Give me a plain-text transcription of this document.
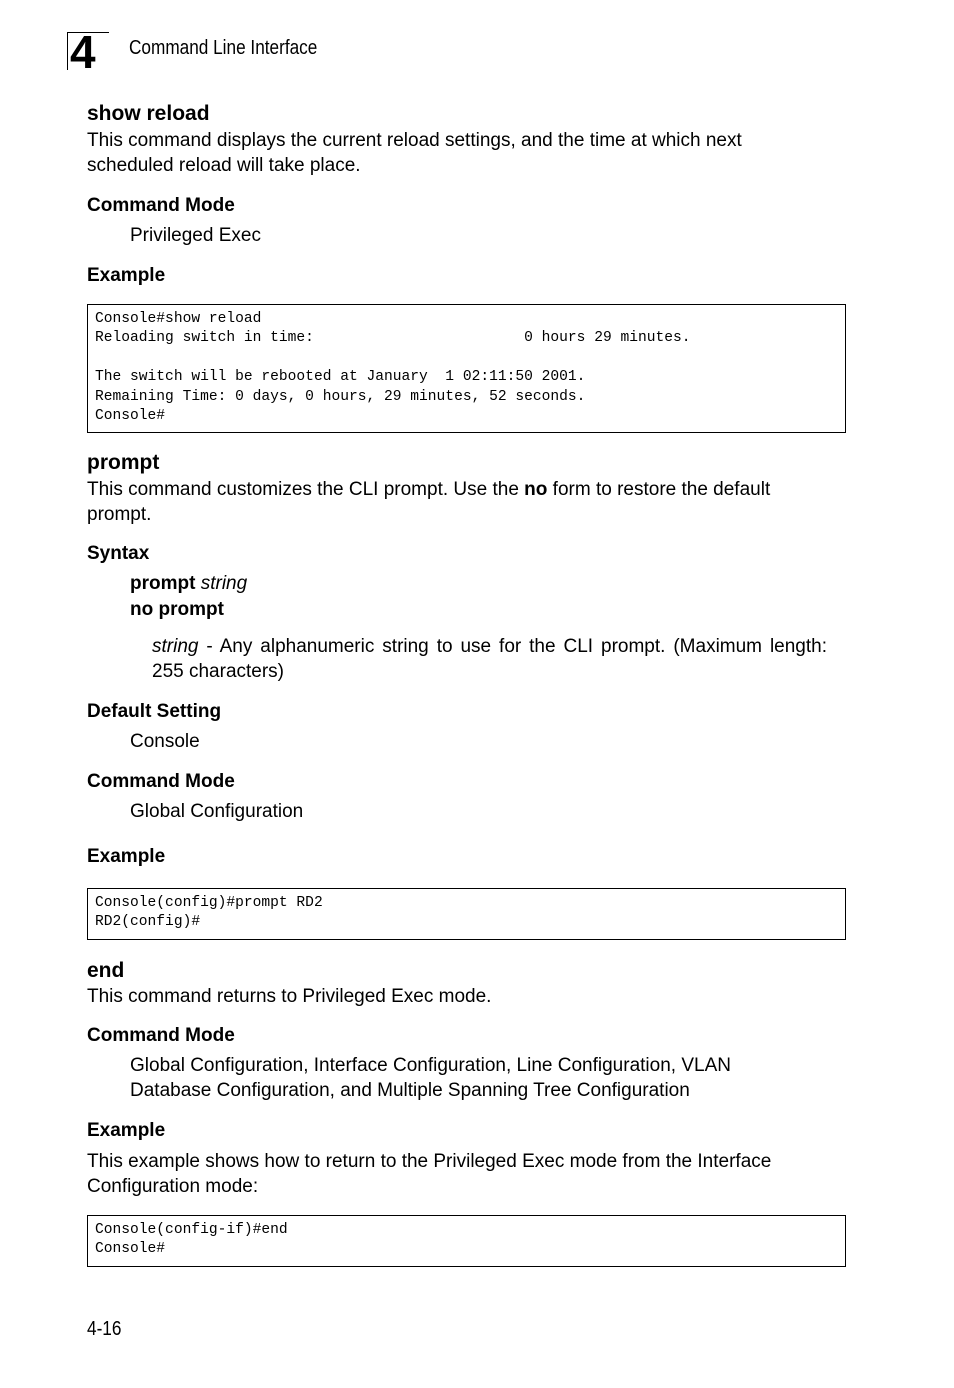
4 Command Line Interface

show reload

This command displays the current reload settings, and the time at which next scheduled reload will take place.

Command Mode

Privileged Exec

Example

Console#show reload
Reloading switch in time:                        0 hours 29 minutes.
The switch will be rebooted at January  1 02:11:50 2001.
Remaining Time: 0 days, 0 hours, 29 minutes, 52 seconds.
Console#

prompt

This command customizes the CLI prompt. Use the no form to restore the default prompt.

Syntax

prompt string

no prompt

string - Any alphanumeric string to use for the CLI prompt. (Maximum length: 255 characters)

Default Setting

Console

Command Mode

Global Configuration

Example

Console(config)#prompt RD2
RD2(config)#

end

This command returns to Privileged Exec mode.

Command Mode

Global Configuration, Interface Configuration, Line Configuration, VLAN Database Configuration, and Multiple Spanning Tree Configuration

Example

This example shows how to return to the Privileged Exec mode from the Interface Configuration mode:

Console(config-if)#end
Console#
4-16
